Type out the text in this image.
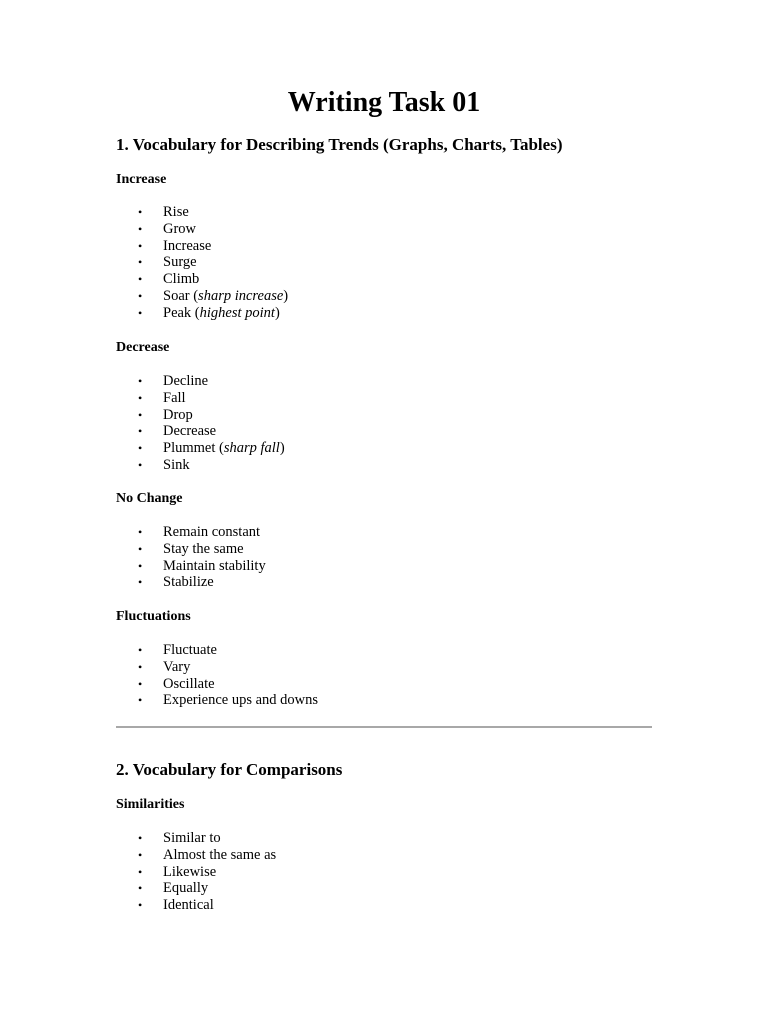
Writing Task 01
1. Vocabulary for Describing Trends (Graphs, Charts, Tables)
Increase
• Rise
• Grow
• Increase
• Surge
• Climb
• Soar (sharp increase)
• Peak (highest point)
Decrease
• Decline
• Fall
• Drop
• Decrease
• Plummet (sharp fall)
• Sink
No Change
• Remain constant
• Stay the same
• Maintain stability
• Stabilize
Fluctuations
• Fluctuate
• Vary
• Oscillate
• Experience ups and downs
2. Vocabulary for Comparisons
Similarities
• Similar to
• Almost the same as
• Likewise
• Equally
• Identical
